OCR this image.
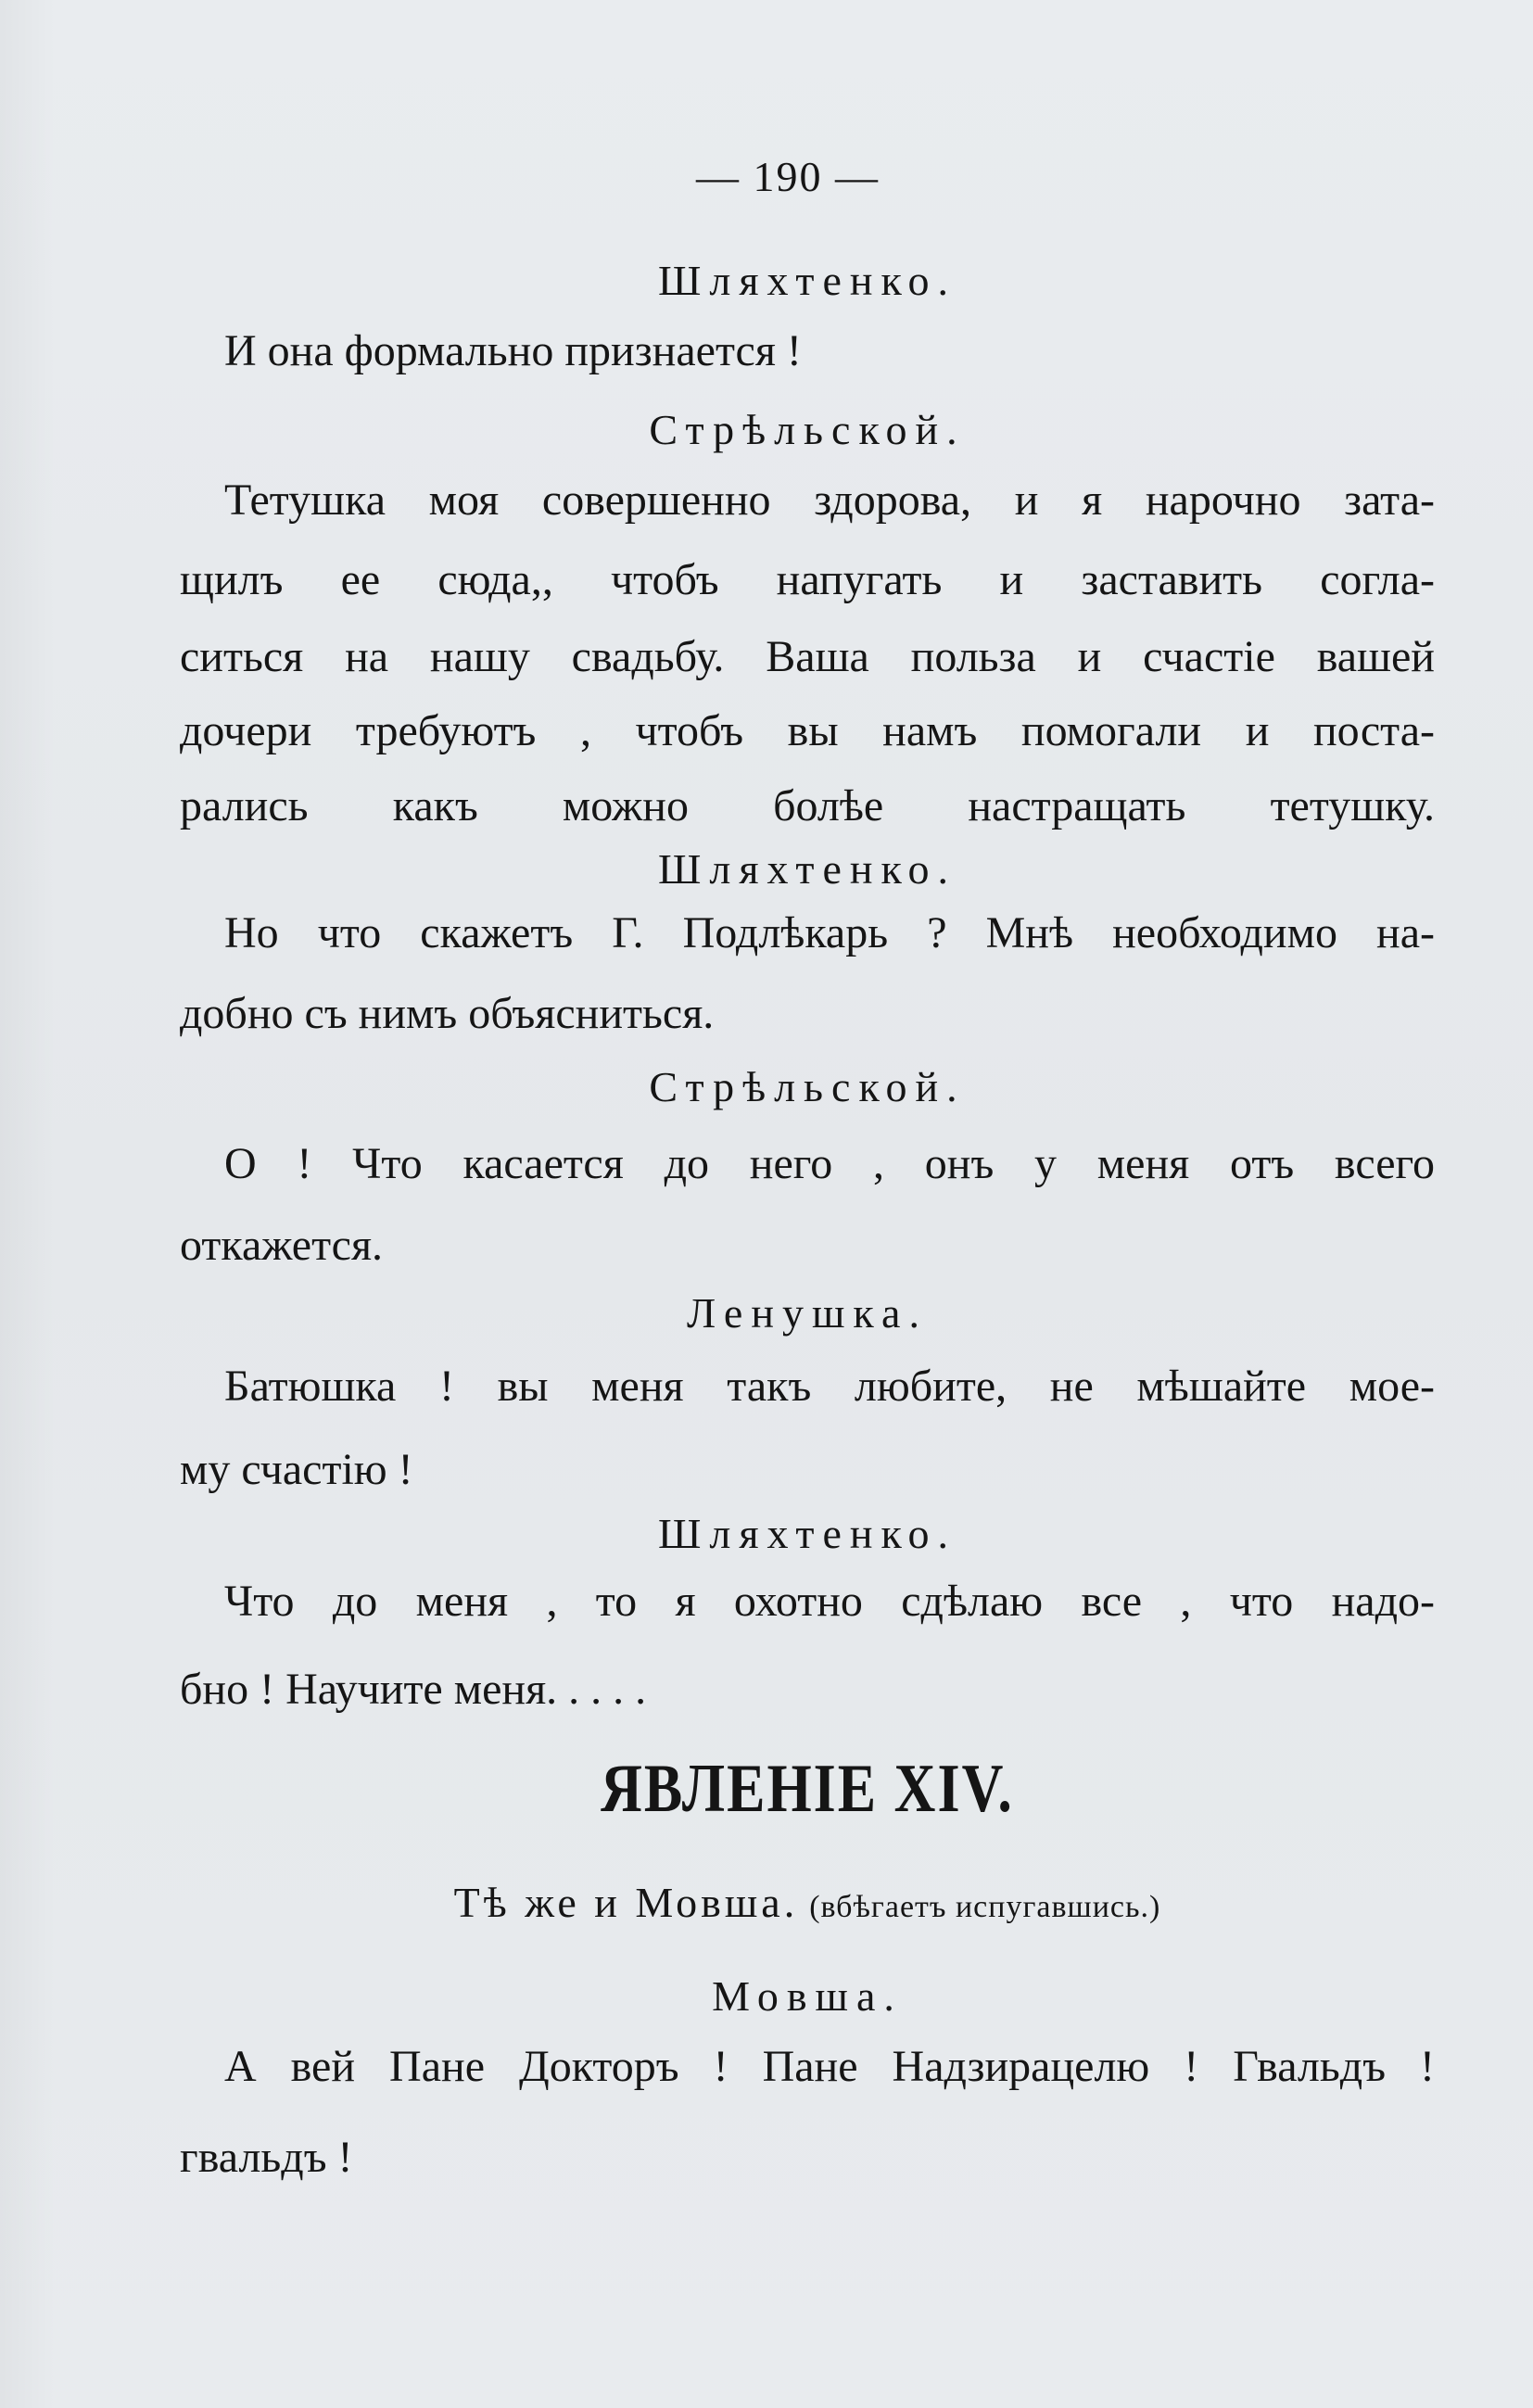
— 190 —
Шляхтенко.
И она формально признается !
Стрѣльской.
Тетушка моя совершенно здорова, и я нарочно зата-
щилъ ее сюда,, чтобъ напугать и заставить согла-
ситься на нашу свадьбу. Ваша польза и счастіе вашей
дочери требуютъ , чтобъ вы намъ помогали и поста-
рались какъ можно болѣе настращать тетушку.
Шляхтенко.
Но что скажетъ Г. Подлѣкарь ? Мнѣ необходимо на-
добно съ нимъ объясниться.
Стрѣльской.
О ! Что касается до него , онъ у меня отъ всего
откажется.
Ленушка.
Батюшка ! вы меня такъ любите, не мѣшайте мое-
му счастію !
Шляхтенко.
Что до меня , то я охотно сдѣлаю все , что надо-
бно ! Научите меня. . . . .
ЯВЛЕНІЕ XIV.
Тѣ же и Мовша. (вбѣгаетъ испугавшись.)
Мовша.
А вей Пане Докторъ ! Пане Надзирацелю ! Гвальдъ !
гвальдъ !
